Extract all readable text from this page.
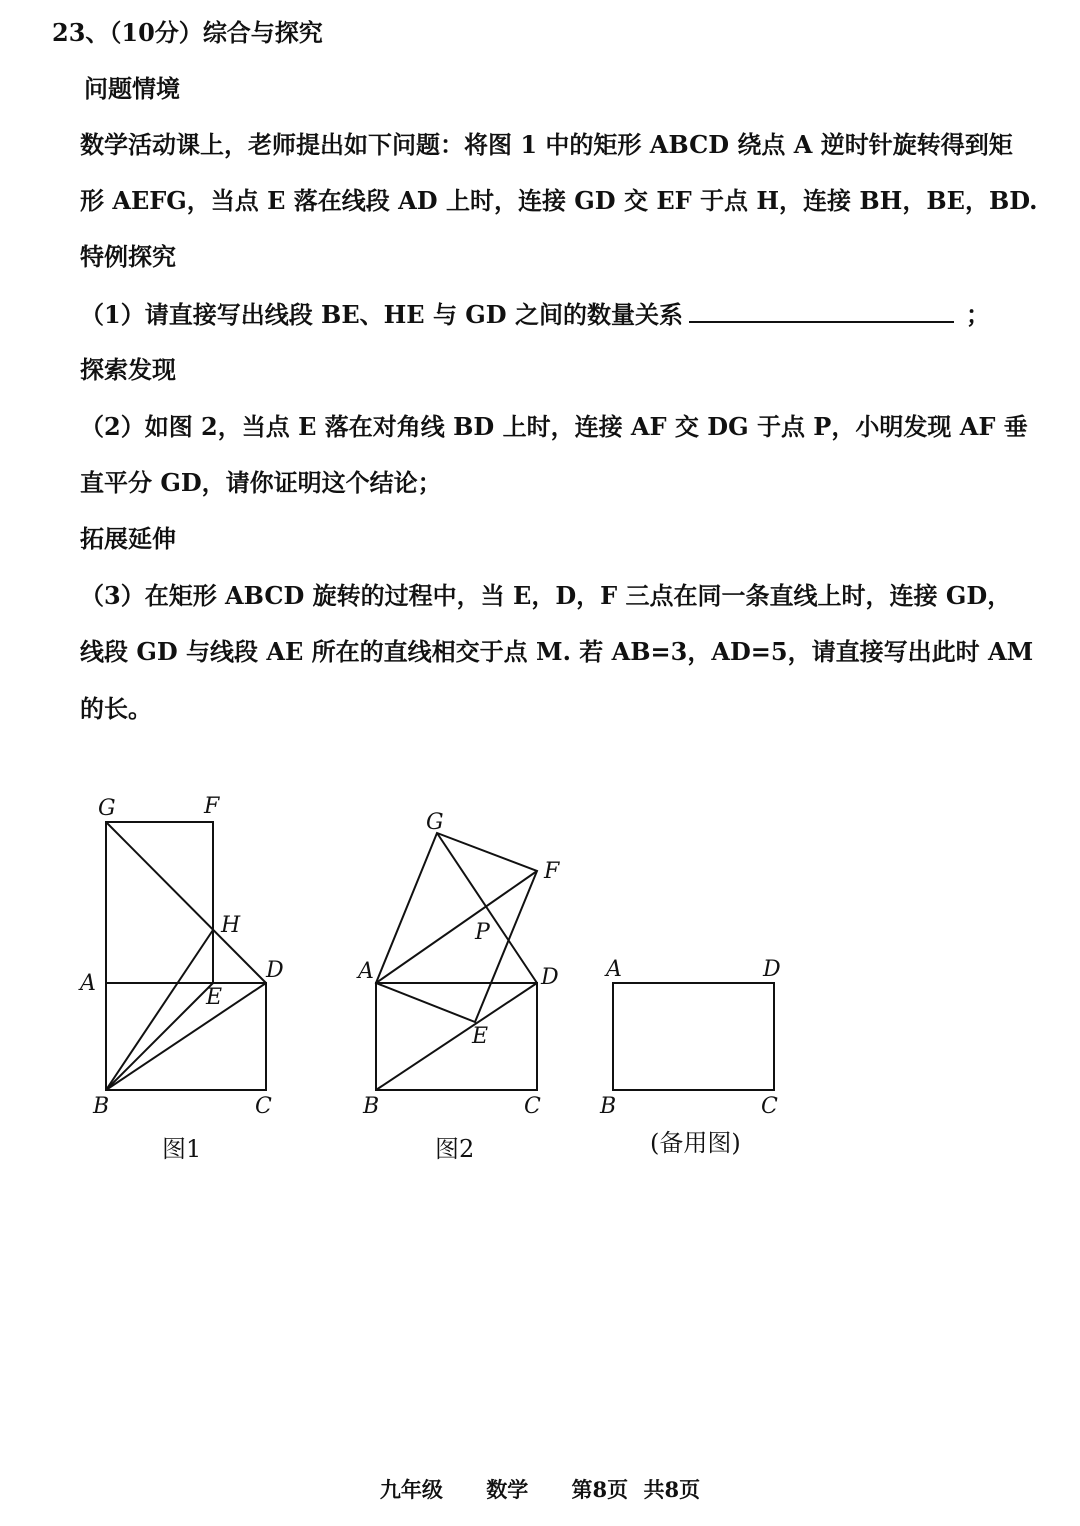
23、（10分）综合与探究
问题情境
数学活动课上，老师提出如下问题：将图 1 中的矩形 ABCD 绕点 A 逆时针旋转得到矩
形 AEFG，当点 E 落在线段 AD 上时，连接 GD 交 EF 于点 H，连接 BH，BE，BD.
特例探究
（1）请直接写出线段 BE、HE 与 GD 之间的数量关系	；
探索发现
（2）如图 2，当点 E 落在对角线 BD 上时，连接 AF 交 DG 于点 P，小明发现 AF 垂
直平分 GD，请你证明这个结论；
拓展延伸
（3）在矩形 ABCD 旋转的过程中，当 E，D，F 三点在同一条直线上时，连接 GD，
线段 GD 与线段 AE 所在的直线相交于点 M. 若 AB=3，AD=5，请直接写出此时 AM
的长。
G	F
H
A
D
E
B	C
图1
G
F
P
A	D
E
B	C
图2
A	D
B	C
(备用图)
九年级 数学 第8页 共8页
